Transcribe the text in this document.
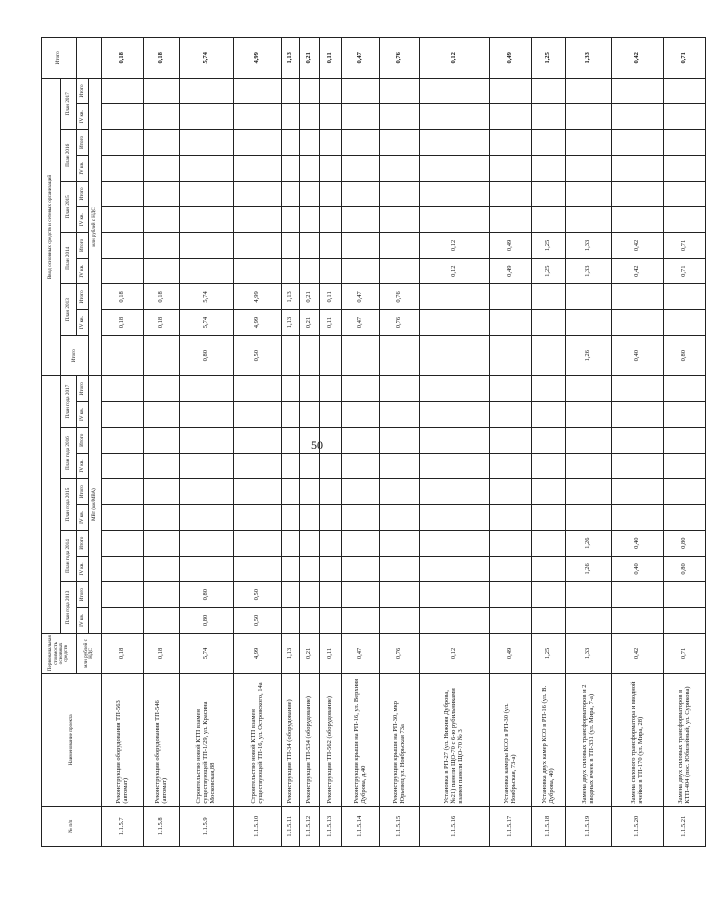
50
№ п/п	Наименование проекта	Первоначальная стоимость основных средств											Ввод основных средств и сетевых организаций											Итого
			План года 2013		План года 2014		План года 2015		План года 2016		План года 2017		Итого	План 2013		План 2014		План 2015		План 2016		План 2017		
		млн рублей с НДС	IV кв.	Итого	IV кв.	Итого	IV кв.	Итого	IV кв.	Итого	IV кв.	Итого		IV кв.	Итого	IV кв.	Итого	IV кв.	Итого	IV кв.	Итого	IV кв.	Итого	
			МВт (км/МВА)										млн рублей с НДС											
1.1.5.7	Реконструкция оборудования ТП-563 (автомат)	0,18												0,18	0,18									0,18
1.1.5.8	Реконструкция оборудования ТП-546 (автомат)	0,18												0,18	0,18									0,18
1.1.5.9	Строительство новой КТП взамен существующей ТП-1/29, ул. Красина Московская,88	5,74	0,80	0,80									0,80	5,74	5,74									5,74
1.1.5.10	Строительство новой КТП взамен существующей ТП-16, ул. Островского, 14а	4,99	0,50	0,50									0,50	4,99	4,99									4,99
1.1.5.11	Реконструкция ТП-34 (оборудование)	1,13												1,13	1,13									1,13
1.1.5.12	Реконструкция ТП-534 (оборудование)	0,21												0,21	0,21									0,21
1.1.5.13	Реконструкция ТП-562 (оборудование)	0,11												0,11	0,11									0,11
1.1.5.14	Реконструкция крыши на РП-16, ул. Верхняя Дуброва, д.40	0,47												0,47	0,47									0,47
1.1.5.15	Реконструкция крыши на РП-30, мкр Юрьевец ул. Ноябрьская 73а	0,76												0,76	0,76									0,76
1.1.5.16	Установка в РП-27 (ул. Нижняя Дуброва, №21) панели ЩО-70 с 6-ю рубильниками взамен панели ЩО-70 № 3	0,12														0,12	0,12							0,12
1.1.5.17	Установка камеры КСО в РП-30 (ул. Ноябрьская, 73-а)	0,49														0,49	0,49							0,49
1.1.5.18	Установка двух камер КСО в РП-16 (ул. В. Дуброва, 40)	1,25														1,25	1,25							1,25
1.1.5.19	Замена двух силовых трансформаторов и 2 вводных ячеек в ТП-331 (ул. Мира, 7-а)	1,33			1,26	1,26							1,26			1,33	1,33							1,33
1.1.5.20	Замена силового трансформатора и вводной ячейки в ТП-170 (ул. Мира, 28)	0,42			0,40	0,40							0,40			0,42	0,42							0,42
1.1.5.21	Замена двух силовых трансформаторов в КТП-404 (пос. Юбилейный, ул. Сурикова)	0,71			0,80	0,80							0,80			0,71	0,71							0,71
